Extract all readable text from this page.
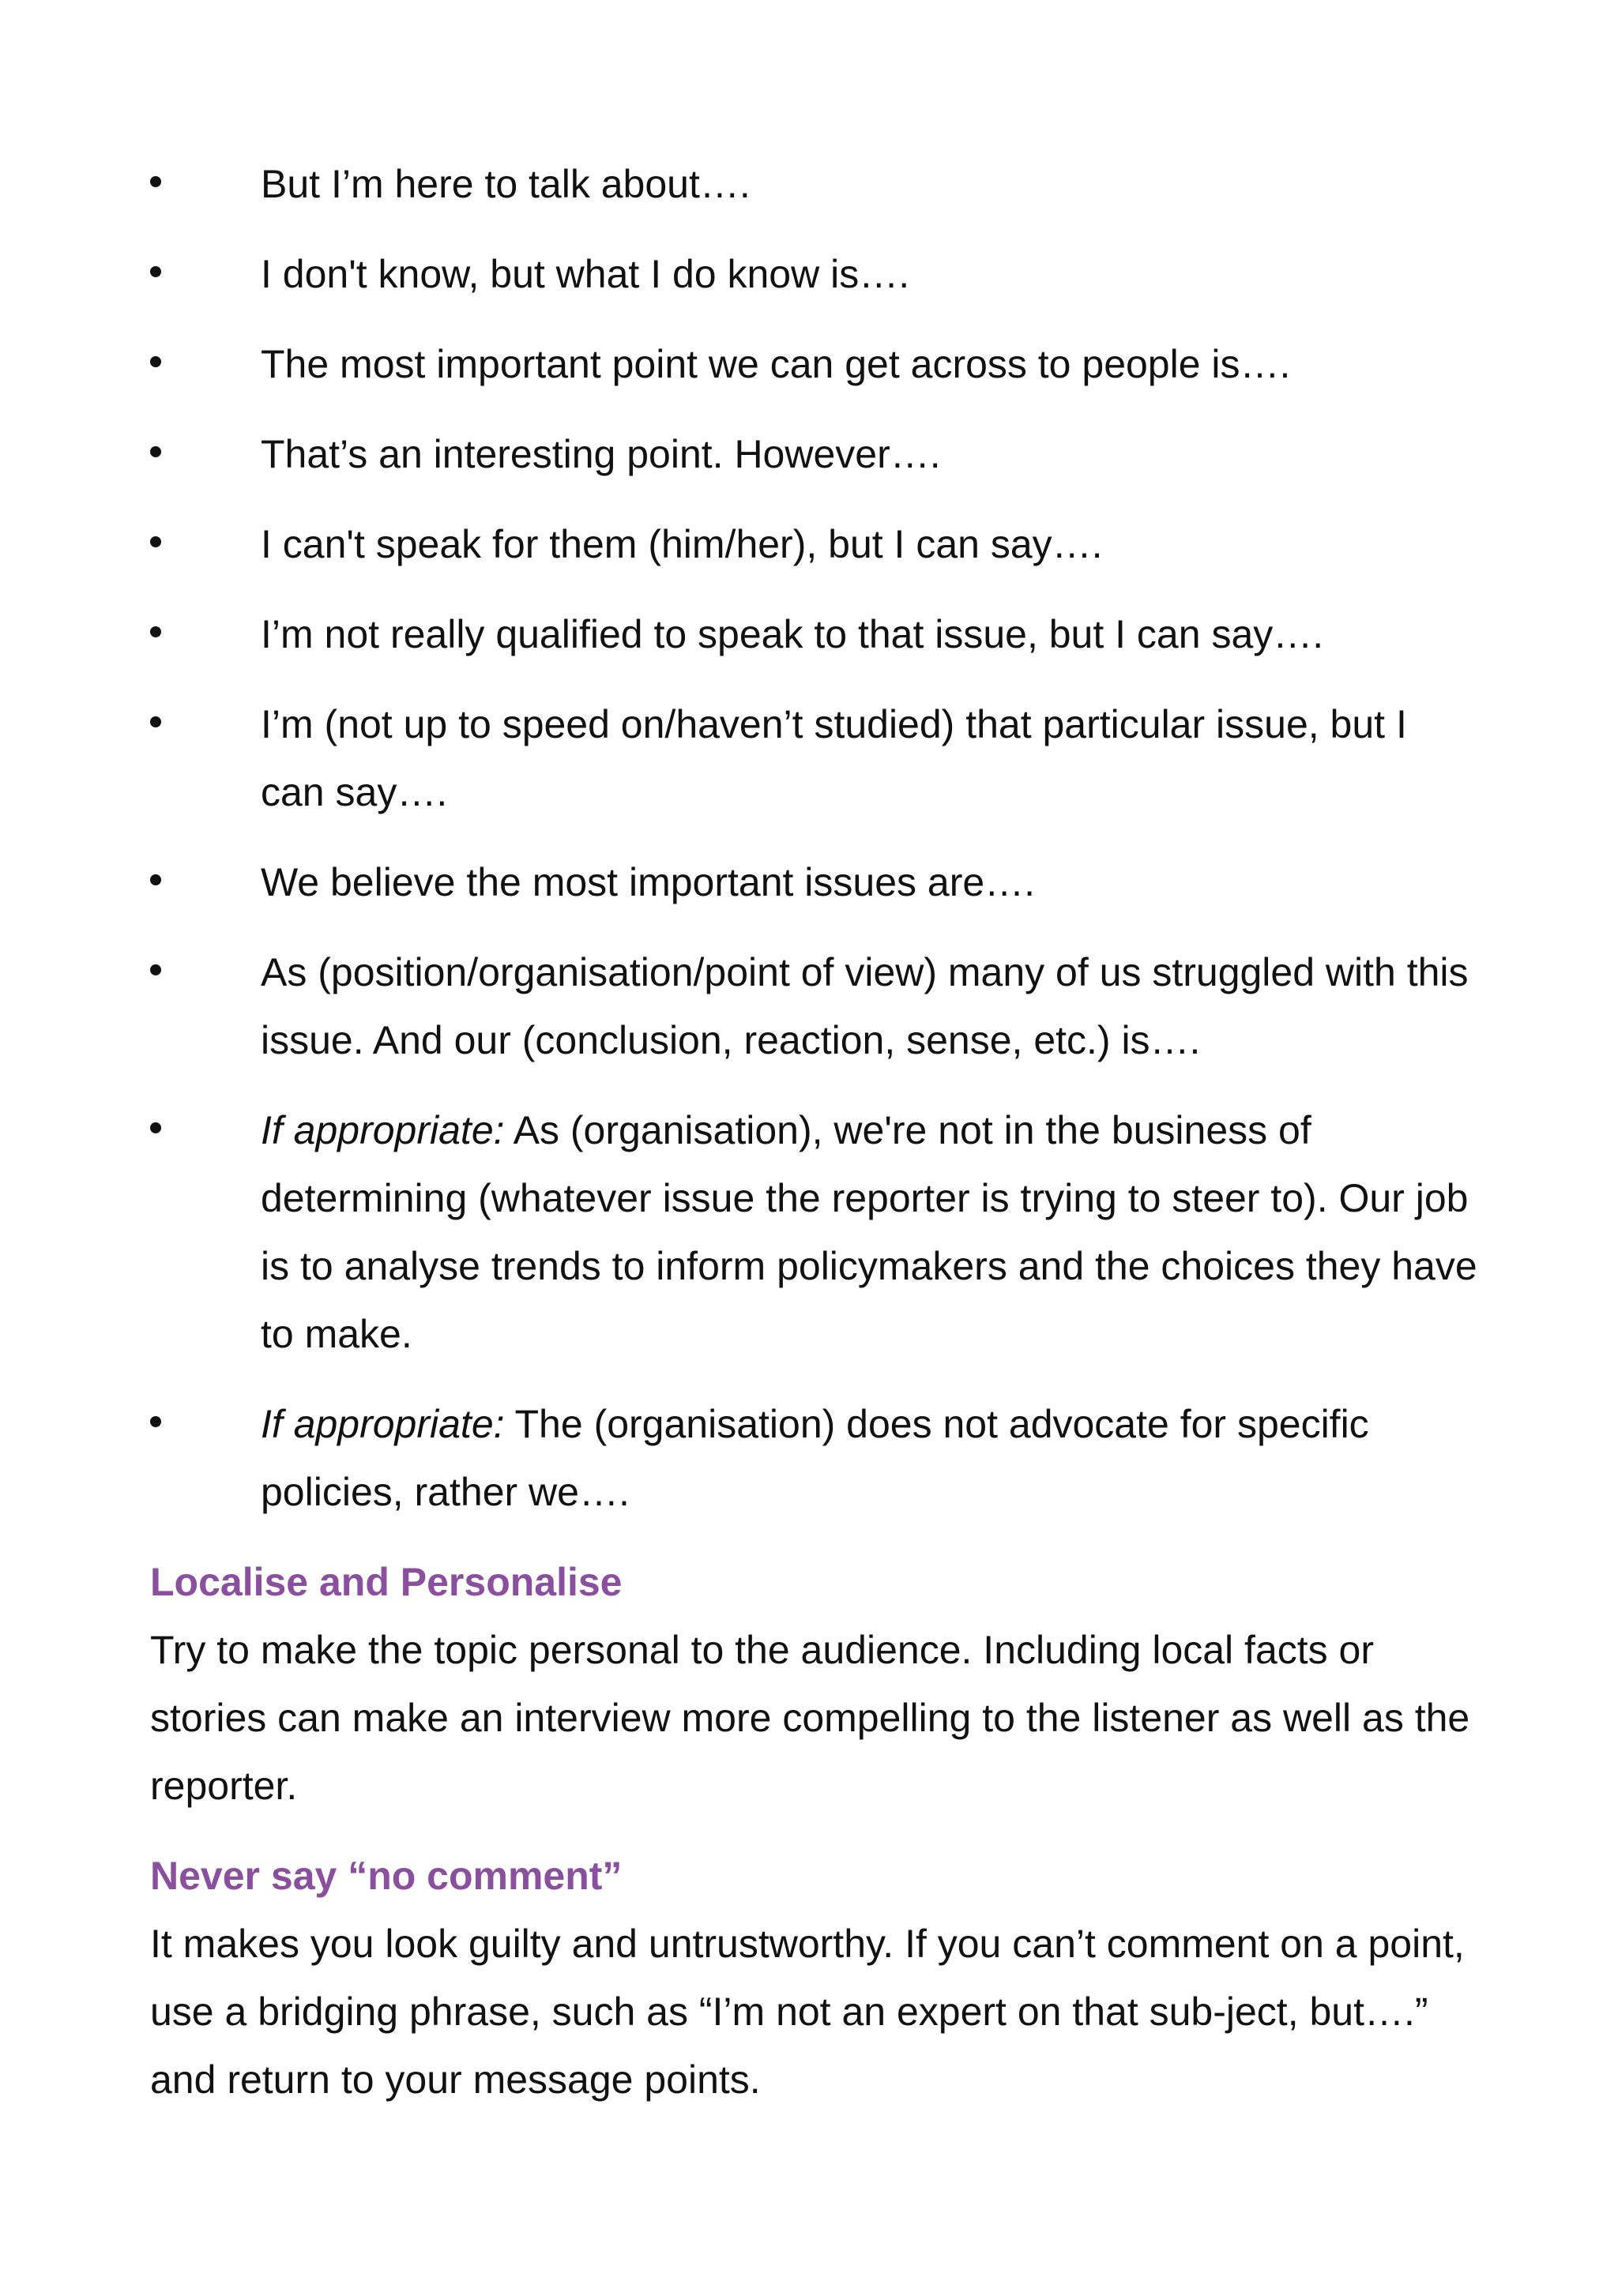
But I’m here to talk about….
I don't know, but what I do know is….
The most important point we can get across to people is….
That’s an interesting point. However….
I can't speak for them (him/her), but I can say….
I’m not really qualified to speak to that issue, but I can say….
I’m (not up to speed on/haven’t studied) that particular issue, but I can say….
We believe the most important issues are….
As (position/organisation/point of view) many of us struggled with this issue. And our (conclusion, reaction, sense, etc.) is….
If appropriate: As (organisation), we're not in the business of determining (whatever issue the reporter is trying to steer to). Our job is to analyse trends to inform policymakers and the choices they have to make.
If appropriate: The (organisation) does not advocate for specific policies, rather we….
Localise and Personalise

Try to make the topic personal to the audience. Including local facts or stories can make an interview more compelling to the listener as well as the reporter.

Never say “no comment”

It makes you look guilty and untrustworthy. If you can’t comment on a point, use a bridging phrase, such as “I’m not an expert on that sub-ject, but….” and return to your message points.
